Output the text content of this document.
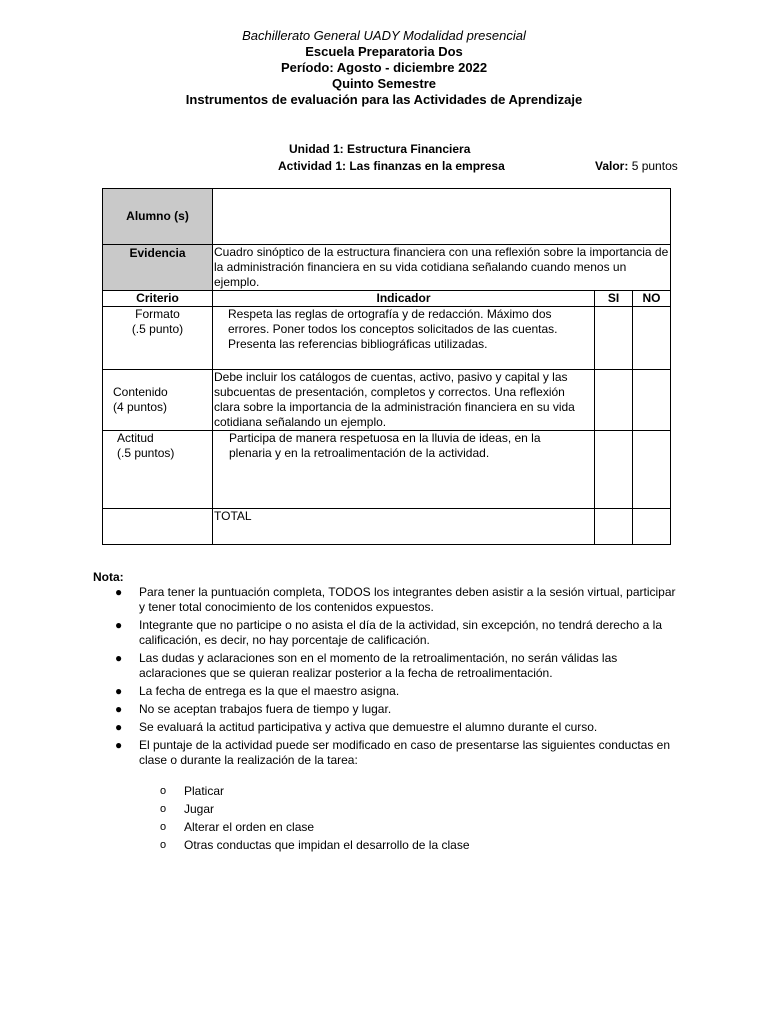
Bachillerato General UADY Modalidad presencial
Escuela Preparatoria Dos
Período: Agosto - diciembre 2022
Quinto Semestre
Instrumentos de evaluación para las Actividades de Aprendizaje
Unidad 1: Estructura Financiera
Actividad 1: Las finanzas en la empresa	Valor: 5 puntos
Alumno (s)			
Evidencia	Cuadro sinóptico de la estructura financiera con una reflexión sobre la importancia de la administración financiera en su vida cotidiana señalando cuando menos un ejemplo.		
Criterio	Indicador	SI	NO

Formato
(.5 punto)	Respeta las reglas de ortografía y de redacción. Máximo dos errores. Poner todos los conceptos solicitados de las cuentas. Presenta las referencias bibliográficas utilizadas.		

Contenido
(4 puntos)	Debe incluir los catálogos de cuentas, activo, pasivo y capital y las subcuentas de presentación, completos y correctos. Una reflexión clara sobre la importancia de la administración financiera en su vida cotidiana señalando un ejemplo.		

Actitud
(.5 puntos)	Participa de manera respetuosa en la lluvia de ideas, en la plenaria y en la retroalimentación de la actividad.		
	TOTAL		
Nota:
● Para tener la puntuación completa, TODOS los integrantes deben asistir a la sesión virtual, participar y tener total conocimiento de los contenidos expuestos.
● Integrante que no participe o no asista el día de la actividad, sin excepción, no tendrá derecho a la calificación, es decir, no hay porcentaje de calificación.
● Las dudas y aclaraciones son en el momento de la retroalimentación, no serán válidas las aclaraciones que se quieran realizar posterior a la fecha de retroalimentación.
● La fecha de entrega es la que el maestro asigna.
● No se aceptan trabajos fuera de tiempo y lugar.
● Se evaluará la actitud participativa y activa que demuestre el alumno durante el curso.
● El puntaje de la actividad puede ser modificado en caso de presentarse las siguientes conductas en clase o durante la realización de la tarea:
o Platicar
o Jugar
o Alterar el orden en clase
o Otras conductas que impidan el desarrollo de la clase
